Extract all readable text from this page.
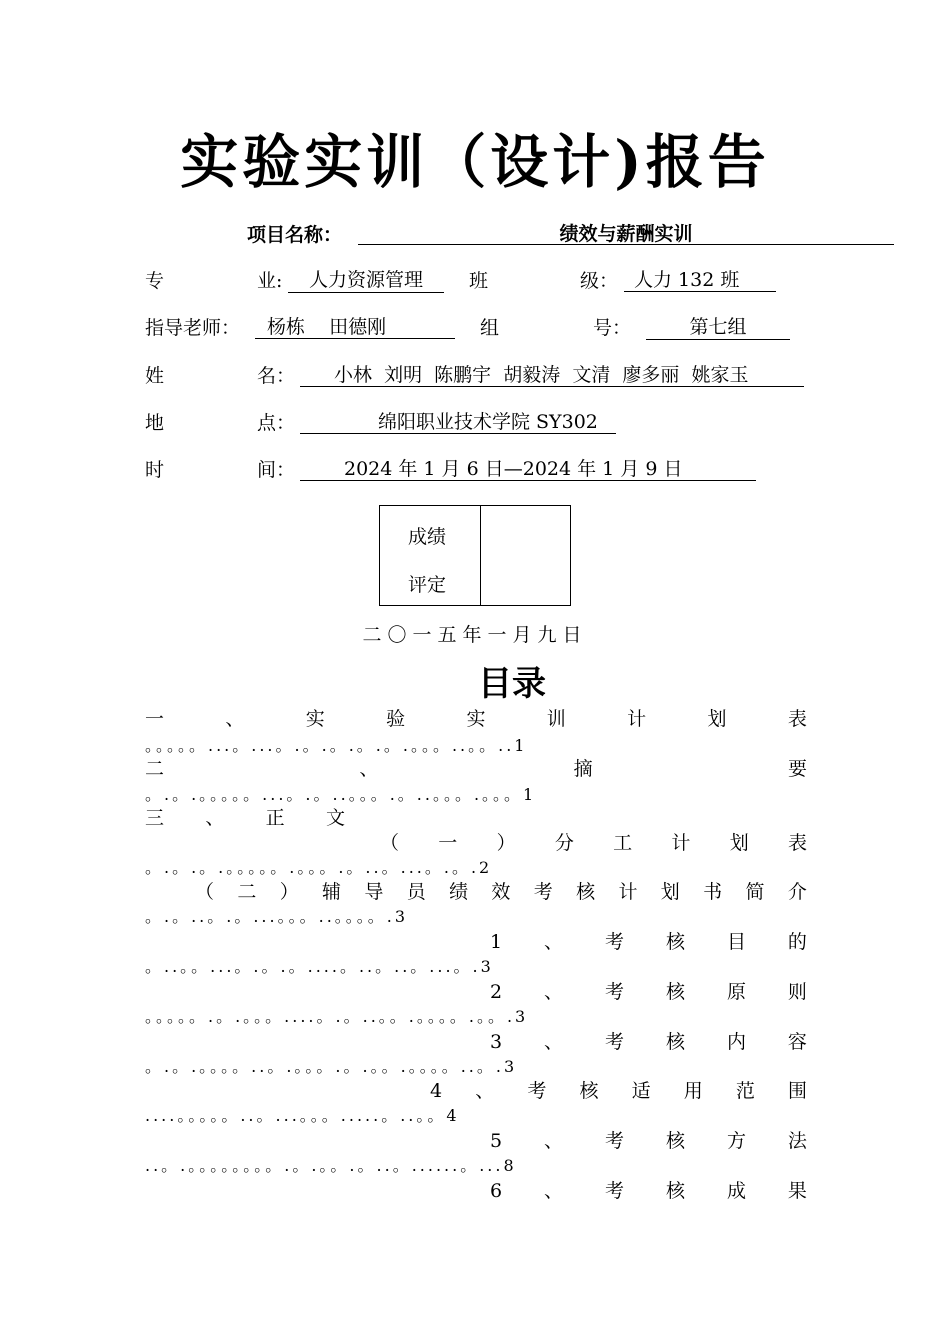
实验实训（设计)报告
项目名称：	绩效与薪酬实训
专	业:	人力资源管理	班	级： 人力 132 班
指导老师：	杨栋    田德刚	组	号：	第七组
姓	名：	小林  刘明  陈鹏宇  胡毅涛  文清  廖多丽  姚家玉
地	点：	绵阳职业技术学院 SY302
时	间：	2024 年 1 月 6 日—2024 年 1 月 9 日
成绩
评定
二〇一五年一月九日
目录
一	、	实	验	实	训	计	划	表
。。。。。...。...。.。.。.。.。.。。。..。。..1
二	、	摘	要
。.。.。。。。。...。.。..。。。.。..。。。.。。。1
三 、 正 文
（ 一 ） 分 工 计 划 表
。.。.。.。。。。。.。。。.。..。...。.。.2
（ 二 ） 辅 导 员 绩 效 考 核 计 划 书 简 介
。.。..。.。...。。。..。。。。.3
1 、 考 核 目 的
。..。。...。.。.。....。..。..。...。.3
2 、 考 核 原 则
。。。。。.。.。。。....。.。..。。.。。。。.。。.3
3 、 考 核 内 容
。.。.。。。。..。.。。。.。.。。.。。。。..。.3
4 、 考 核 适 用 范 围
....。。。。。..。...。。。.....。..。。4
5 、 考 核 方 法
..。.。。。。。。。。.。.。。.。..。......。...8
6 、 考 核 成 果
